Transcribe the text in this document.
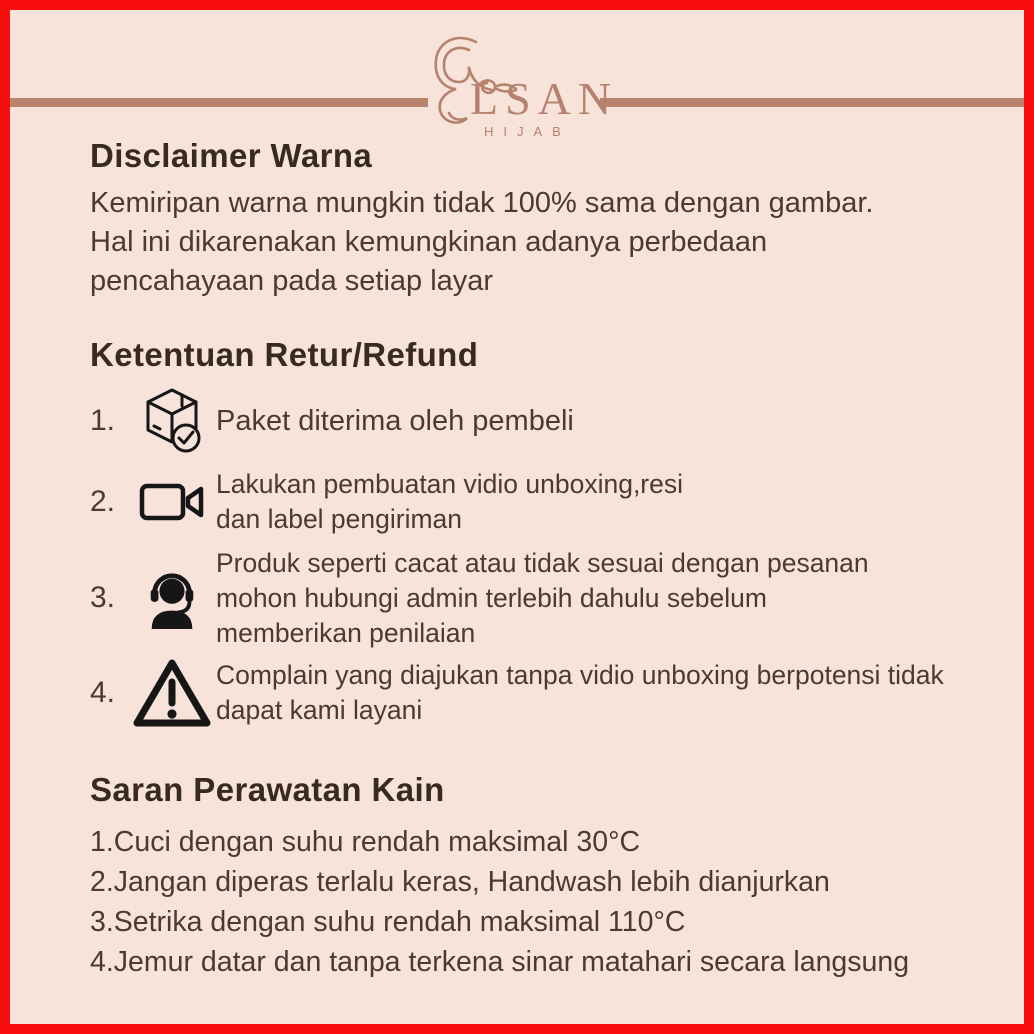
LSAN
HIJAB
Disclaimer Warna
Kemiripan warna mungkin tidak 100% sama dengan gambar.
Hal ini dikarenakan kemungkinan adanya perbedaan
pencahayaan pada setiap layar
Ketentuan Retur/Refund
1.	Paket diterima oleh pembeli
2.
Lakukan pembuatan vidio unboxing,resi
dan label pengiriman
3.
Produk seperti cacat atau tidak sesuai dengan pesanan
mohon hubungi admin terlebih dahulu sebelum
memberikan penilaian
4.
Complain yang diajukan tanpa vidio unboxing berpotensi tidak
dapat kami layani
Saran Perawatan Kain
1.Cuci dengan suhu rendah maksimal 30°C
2.Jangan diperas terlalu keras, Handwash lebih dianjurkan
3.Setrika dengan suhu rendah maksimal 110°C
4.Jemur datar dan tanpa terkena sinar matahari secara langsung
